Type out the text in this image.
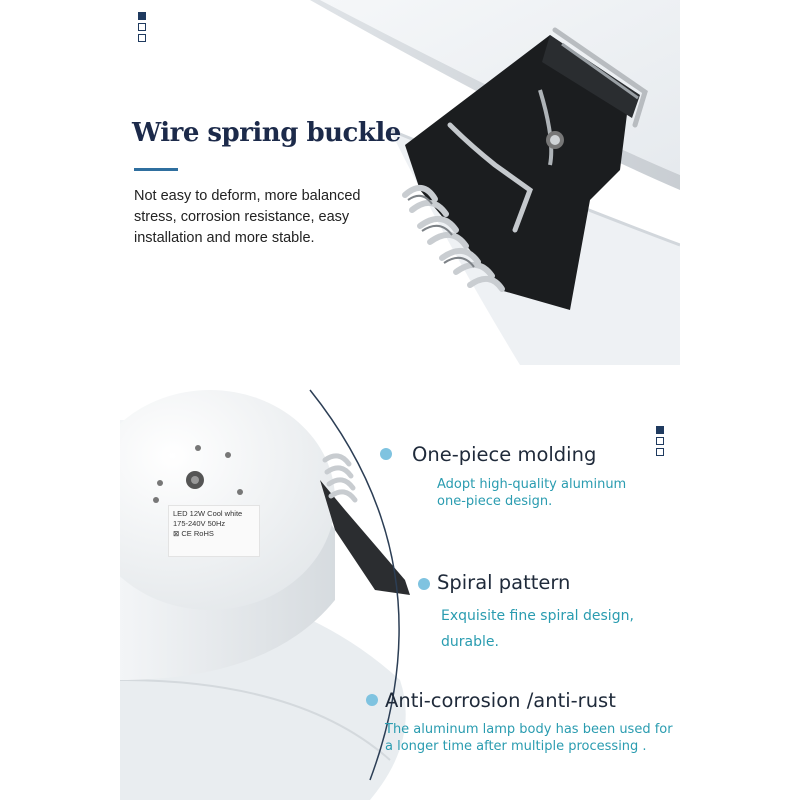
Wire spring buckle
Not easy to deform, more balanced stress, corrosion resistance, easy installation and more stable.
LED 12W Cool white
175-240V 50Hz
⊠ CE RoHS
One-piece molding
Adopt high-quality aluminum one-piece design.
Spiral pattern
Exquisite fine spiral design, durable.
Anti-corrosion /anti-rust
The aluminum lamp body has been used for a longer time after multiple processing .
